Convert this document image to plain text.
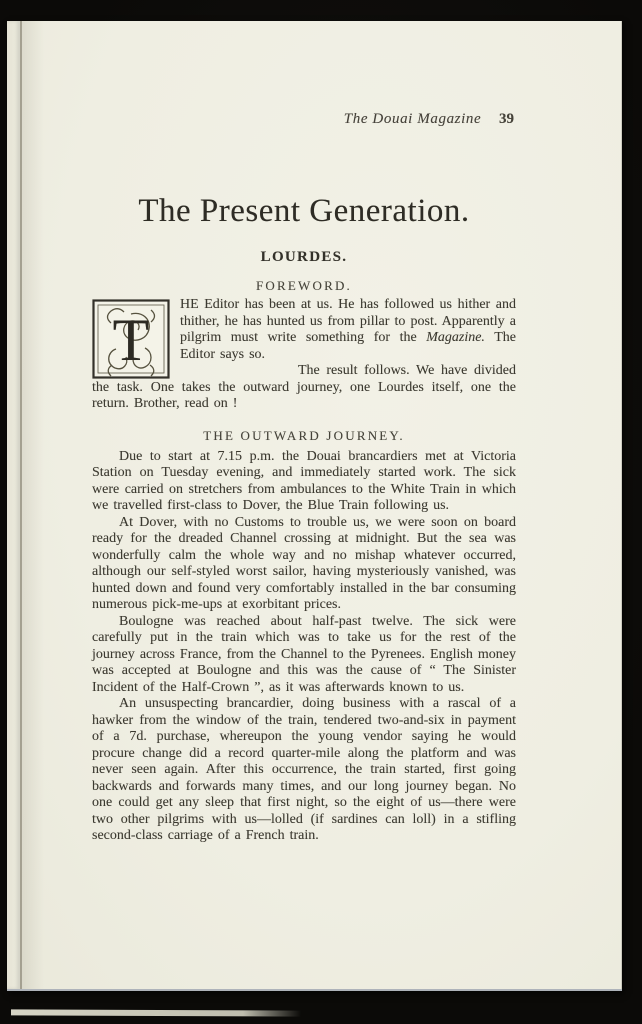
The Douai Magazine 39
The Present Generation.
LOURDES.
FOREWORD.

T
HE Editor has been at us. He has followed us hither and thither, he has hunted us from pillar to post. Apparently a pilgrim must write something for the Magazine. The Editor says so.

The result follows. We have divided the task. One takes the outward journey, one Lourdes itself, one the return. Brother, read on !

THE OUTWARD JOURNEY.

Due to start at 7.15 p.m. the Douai brancardiers met at Victoria Station on Tuesday evening, and immediately started work. The sick were carried on stretchers from ambulances to the White Train in which we travelled first-class to Dover, the Blue Train following us.

At Dover, with no Customs to trouble us, we were soon on board ready for the dreaded Channel crossing at midnight. But the sea was wonderfully calm the whole way and no mishap whatever occurred, although our self-styled worst sailor, having mysteriously vanished, was hunted down and found very comfortably installed in the bar consuming numerous pick-me-ups at exorbitant prices.

Boulogne was reached about half-past twelve. The sick were carefully put in the train which was to take us for the rest of the journey across France, from the Channel to the Pyrenees. English money was accepted at Boulogne and this was the cause of “ The Sinister Incident of the Half-Crown ”, as it was afterwards known to us.

An unsuspecting brancardier, doing business with a rascal of a hawker from the window of the train, tendered two-and-six in payment of a 7d. purchase, whereupon the young vendor saying he would procure change did a record quarter-mile along the platform and was never seen again. After this occurrence, the train started, first going backwards and forwards many times, and our long journey began. No one could get any sleep that first night, so the eight of us—there were two other pilgrims with us—lolled (if sardines can loll) in a stifling second-class carriage of a French train.
